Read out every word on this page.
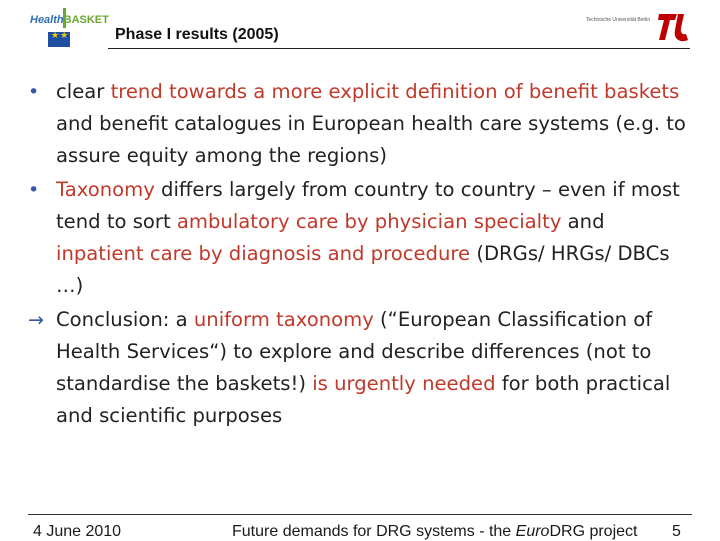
HealthBASKET
★★	Phase I results (2005)
Technische Universität Berlin
• clear trend towards a more explicit definition of benefit baskets and benefit catalogues in European health care systems (e.g. to assure equity among the regions)
• Taxonomy differs largely from country to country – even if most tend to sort ambulatory care by physician specialty and inpatient care by diagnosis and procedure (DRGs/ HRGs/ DBCs …)
→ Conclusion: a uniform taxonomy (“European Classification of Health Services“) to explore and describe differences (not to standardise the baskets!) is urgently needed for both practical and scientific purposes
4 June 2010	Future demands for DRG systems - the EuroDRG project 5
